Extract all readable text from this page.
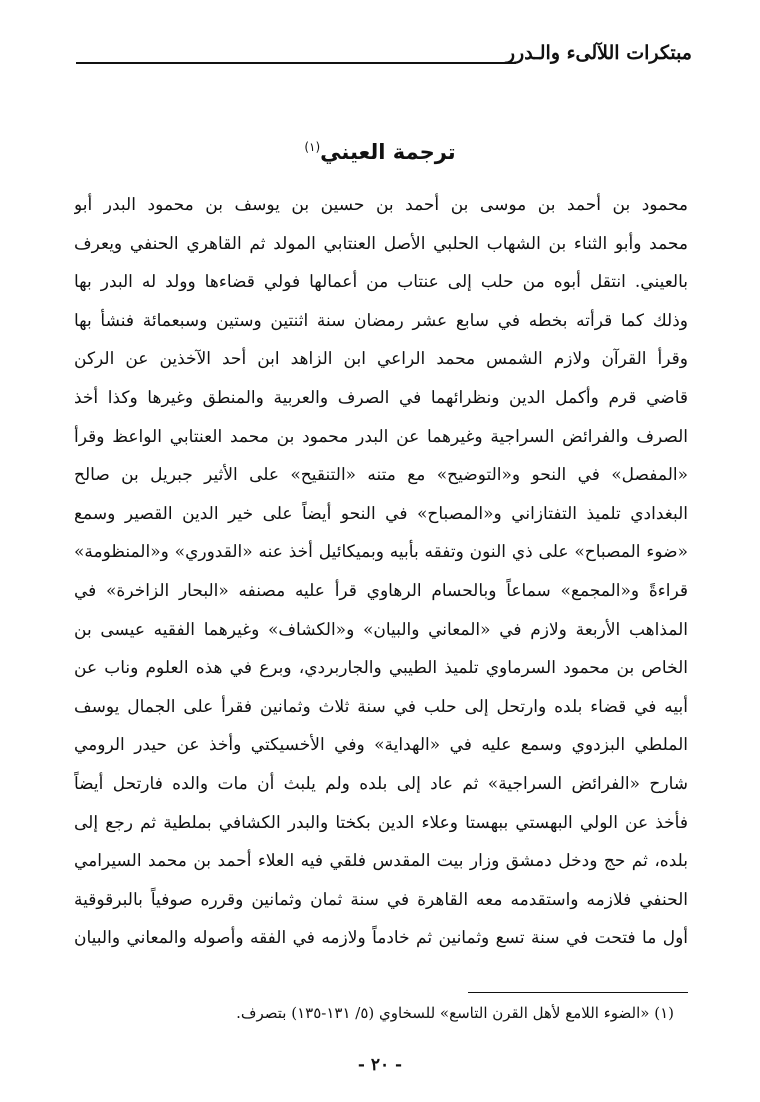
مبتكرات اللآلىء والـدرر
ترجمة العيني$^{(١)}$
محمود بن أحمد بن موسى بن أحمد بن حسين بن يوسف بن محمود البدر أبو
محمد وأبو الثناء بن الشهاب الحلبي الأصل العنتابي المولد ثم القاهري الحنفي ويعرف
بالعيني. انتقل أبوه من حلب إلى عنتاب من أعمالها فولي قضاءها وولد له البدر بها
وذلك كما قرأته بخطه في سابع عشر رمضان سنة اثنتين وستين وسبعمائة فنشأ بها
وقرأ القرآن ولازم الشمس محمد الراعي ابن الزاهد ابن أحد الآخذين عن الركن
قاضي قرم وأكمل الدين ونظرائهما في الصرف والعربية والمنطق وغيرها وكذا أخذ
الصرف والفرائض السراجية وغيرهما عن البدر محمود بن محمد العنتابي الواعظ وقرأ
«المفصل» في النحو و«التوضيح» مع متنه «التنقيح» على الأثير جبريل بن صالح
البغدادي تلميذ التفتازاني و«المصباح» في النحو أيضاً على خير الدين القصير وسمع
«ضوء المصباح» على ذي النون وتفقه بأبيه وبميكائيل أخذ عنه «القدوري» و«المنظومة»
قراءةً و«المجمع» سماعاً وبالحسام الرهاوي قرأ عليه مصنفه «البحار الزاخرة» في
المذاهب الأربعة ولازم في «المعاني والبيان» و«الكشاف» وغيرهما الفقيه عيسى بن
الخاص بن محمود السرماوي تلميذ الطيبي والجاربردي، وبرع في هذه العلوم وناب عن
أبيه في قضاء بلده وارتحل إلى حلب في سنة ثلاث وثمانين فقرأ على الجمال يوسف
الملطي البزدوي وسمع عليه في «الهداية» وفي الأخسيكتي وأخذ عن حيدر الرومي
شارح «الفرائض السراجية» ثم عاد إلى بلده ولم يلبث أن مات والده فارتحل أيضاً
فأخذ عن الولي البهستي ببهستا وعلاء الدين بكختا والبدر الكشافي بملطية ثم رجع إلى
بلده، ثم حج ودخل دمشق وزار بيت المقدس فلقي فيه العلاء أحمد بن محمد السيرامي
الحنفي فلازمه واستقدمه معه القاهرة في سنة ثمان وثمانين وقرره صوفياً بالبرقوقية
أول ما فتحت في سنة تسع وثمانين ثم خادماً ولازمه في الفقه وأصوله والمعاني والبيان
(١) «الضوء اللامع لأهل القرن التاسع» للسخاوي (٥/ ١٣١-١٣٥) بتصرف.
- ٢٠ -
